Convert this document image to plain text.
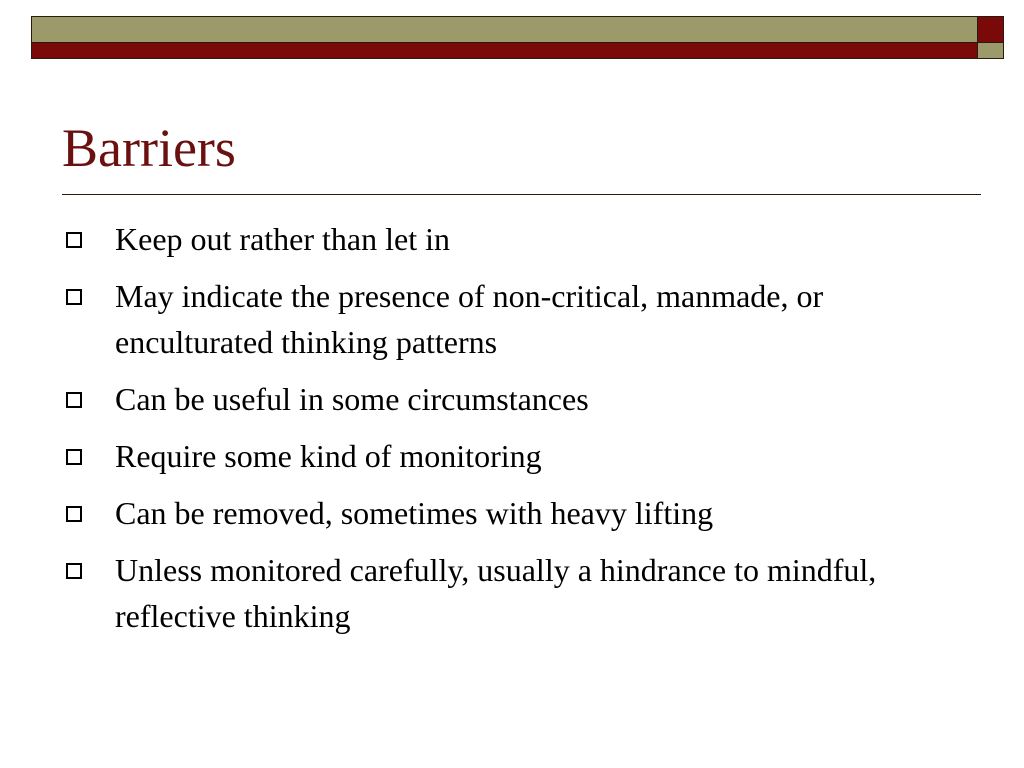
Barriers
Keep out rather than let in
May indicate the presence of non-critical, manmade, or enculturated thinking patterns
Can be useful in some circumstances
Require some kind of monitoring
Can be removed, sometimes with heavy lifting
Unless monitored carefully, usually a hindrance to mindful, reflective thinking
